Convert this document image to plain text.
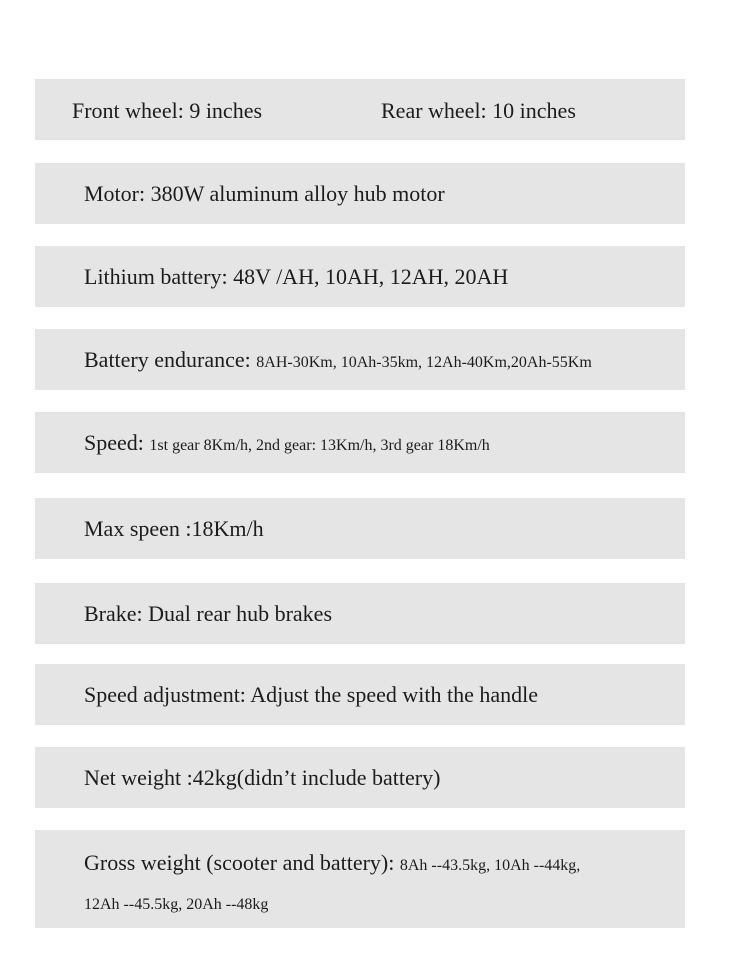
Front wheel: 9 inches	Rear wheel: 10 inches
Motor: 380W aluminum alloy hub motor
Lithium battery: 48V /AH, 10AH, 12AH, 20AH
Battery endurance: 8AH-30Km, 10Ah-35km, 12Ah-40Km,20Ah-55Km
Speed: 1st gear 8Km/h, 2nd gear: 13Km/h, 3rd gear 18Km/h
Max speen :18Km/h
Brake: Dual rear hub brakes
Speed adjustment: Adjust the speed with the handle
Net weight :42kg(didn’t include battery)
Gross weight (scooter and battery): 8Ah --43.5kg, 10Ah --44kg,
12Ah --45.5kg, 20Ah --48kg
